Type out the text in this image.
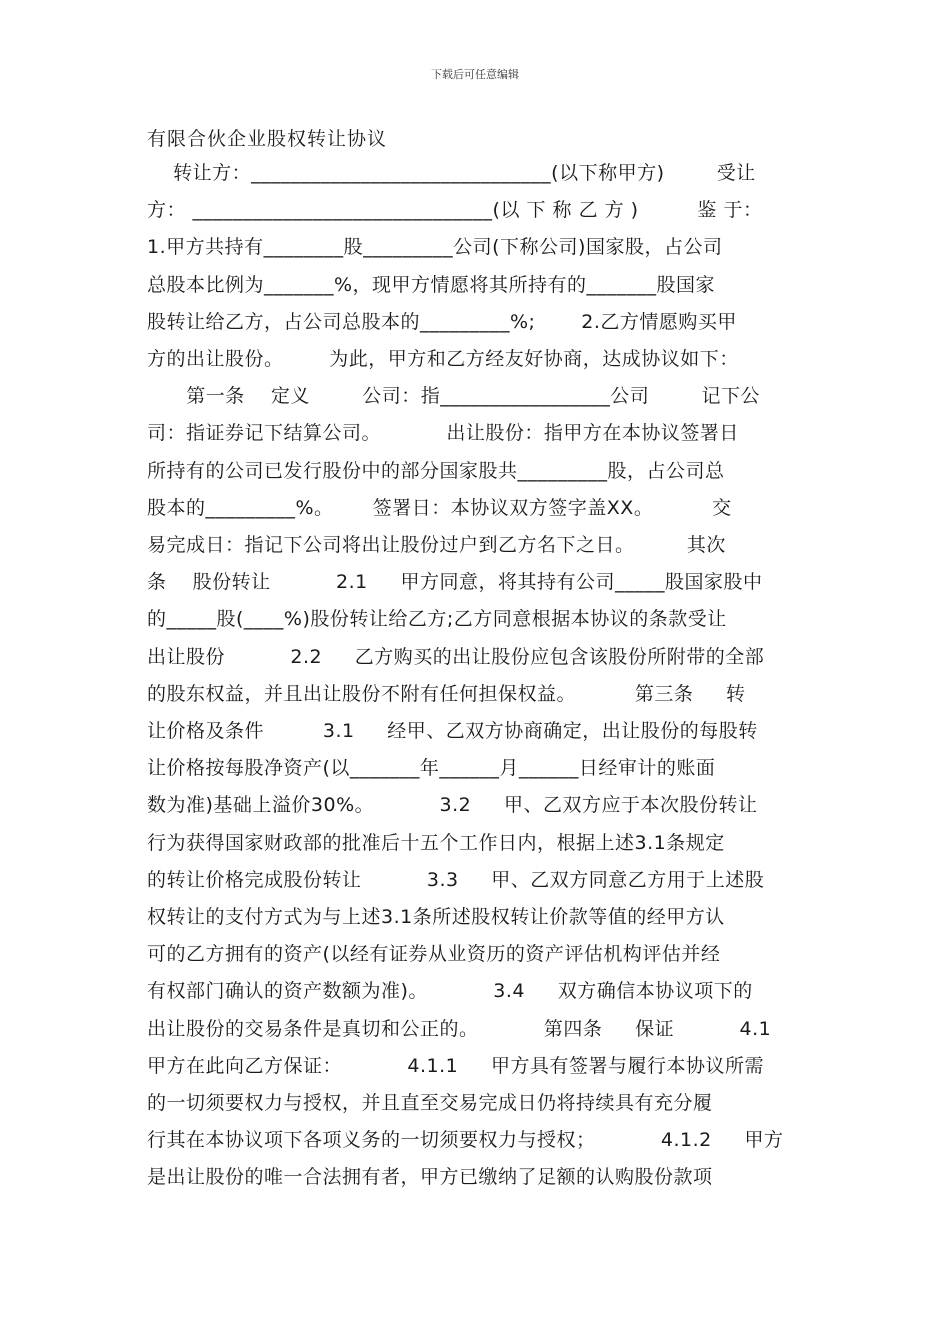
下载后可任意编辑
有限合伙企业股权转让协议
转让方：______________________________(以下称甲方)        受让
方： ______________________________(以 下 称 乙 方 )         鉴 于：
1.甲方共持有________股_________公司(下称公司)国家股，占公司
总股本比例为_______%，现甲方情愿将其所持有的_______股国家
股转让给乙方，占公司总股本的_________%;       2.乙方情愿购买甲
方的出让股份。       为此，甲方和乙方经友好协商，达成协议如下：
第一条    定义        公司：指_________________公司        记下公
司：指证券记下结算公司。          出让股份：指甲方在本协议签署日
所持有的公司已发行股份中的部分国家股共_________股，占公司总
股本的_________%。      签署日：本协议双方签字盖XX。         交
易完成日：指记下公司将出让股份过户到乙方名下之日。        其次
条    股份转让          2.1     甲方同意，将其持有公司_____股国家股中
的_____股(____%)股份转让给乙方;乙方同意根据本协议的条款受让
出让股份          2.2     乙方购买的出让股份应包含该股份所附带的全部
的股东权益，并且出让股份不附有任何担保权益。         第三条     转
让价格及条件         3.1     经甲、乙双方协商确定，出让股份的每股转
让价格按每股净资产(以_______年______月______日经审计的账面
数为准)基础上溢价30%。          3.2     甲、乙双方应于本次股份转让
行为获得国家财政部的批准后十五个工作日内，根据上述3.1条规定
的转让价格完成股份转让          3.3     甲、乙双方同意乙方用于上述股
权转让的支付方式为与上述3.1条所述股权转让价款等值的经甲方认
可的乙方拥有的资产(以经有证券从业资历的资产评估机构评估并经
有权部门确认的资产数额为准)。          3.4     双方确信本协议项下的
出让股份的交易条件是真切和公正的。          第四条     保证          4.1
甲方在此向乙方保证：          4.1.1     甲方具有签署与履行本协议所需
的一切须要权力与授权，并且直至交易完成日仍将持续具有充分履
行其在本协议项下各项义务的一切须要权力与授权；          4.1.2     甲方
是出让股份的唯一合法拥有者，甲方已缴纳了足额的认购股份款项
